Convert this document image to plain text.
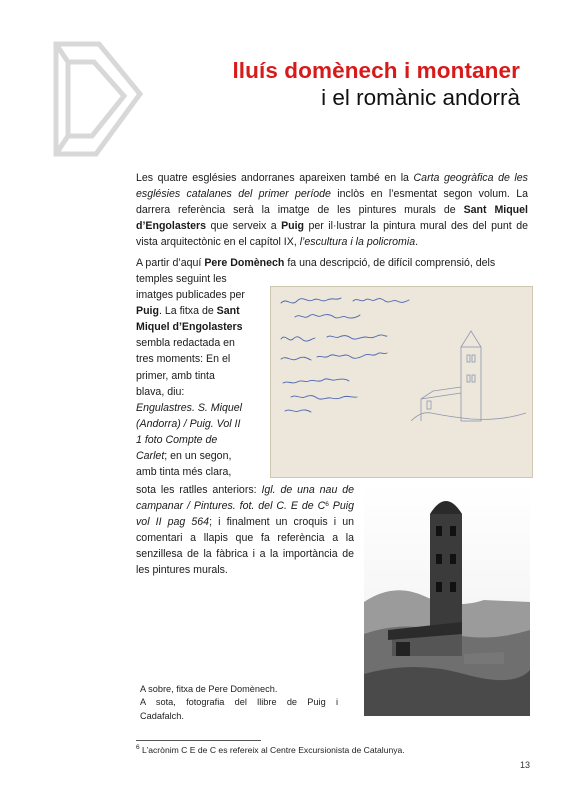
lluís domènech i montaner
i el romànic andorrà
Les quatre esglésies andorranes apareixen també en la Carta geogràfica de les esglésies catalanes del primer període inclòs en l’esmentat segon volum. La darrera referència serà la imatge de les pintures murals de Sant Miquel d’Engolasters que serveix a Puig per il·lustrar la pintura mural des del punt de vista arquitectònic en el capítol IX, l’escultura i la policromia.
A partir d’aquí Pere Domènech fa una descripció, de difícil comprensió, dels
temples seguint les
imatges publicades per
Puig. La fitxa de Sant
Miquel d’Engolasters
sembla redactada en
tres moments: En el
primer, amb tinta
blava, diu:
Engulastres. S. Miquel
(Andorra) / Puig. Vol II
1 foto Compte de
Carlet; en un segon,
amb tinta més clara,
sota les ratlles anteriors: Igl. de una nau de campanar / Pintures. fot. del C. E de $C^6$ Puig vol II pag 564; i finalment un croquis i un comentari a llapis que fa referència a la senzillesa de la fàbrica i a la importància de les pintures murals.
A sobre, fitxa de Pere Domènech.
A sota, fotografia del llibre de Puig i
Cadafalch.
$^6$ L’acrònim C E de C es refereix al Centre Excursionista de Catalunya.
13
